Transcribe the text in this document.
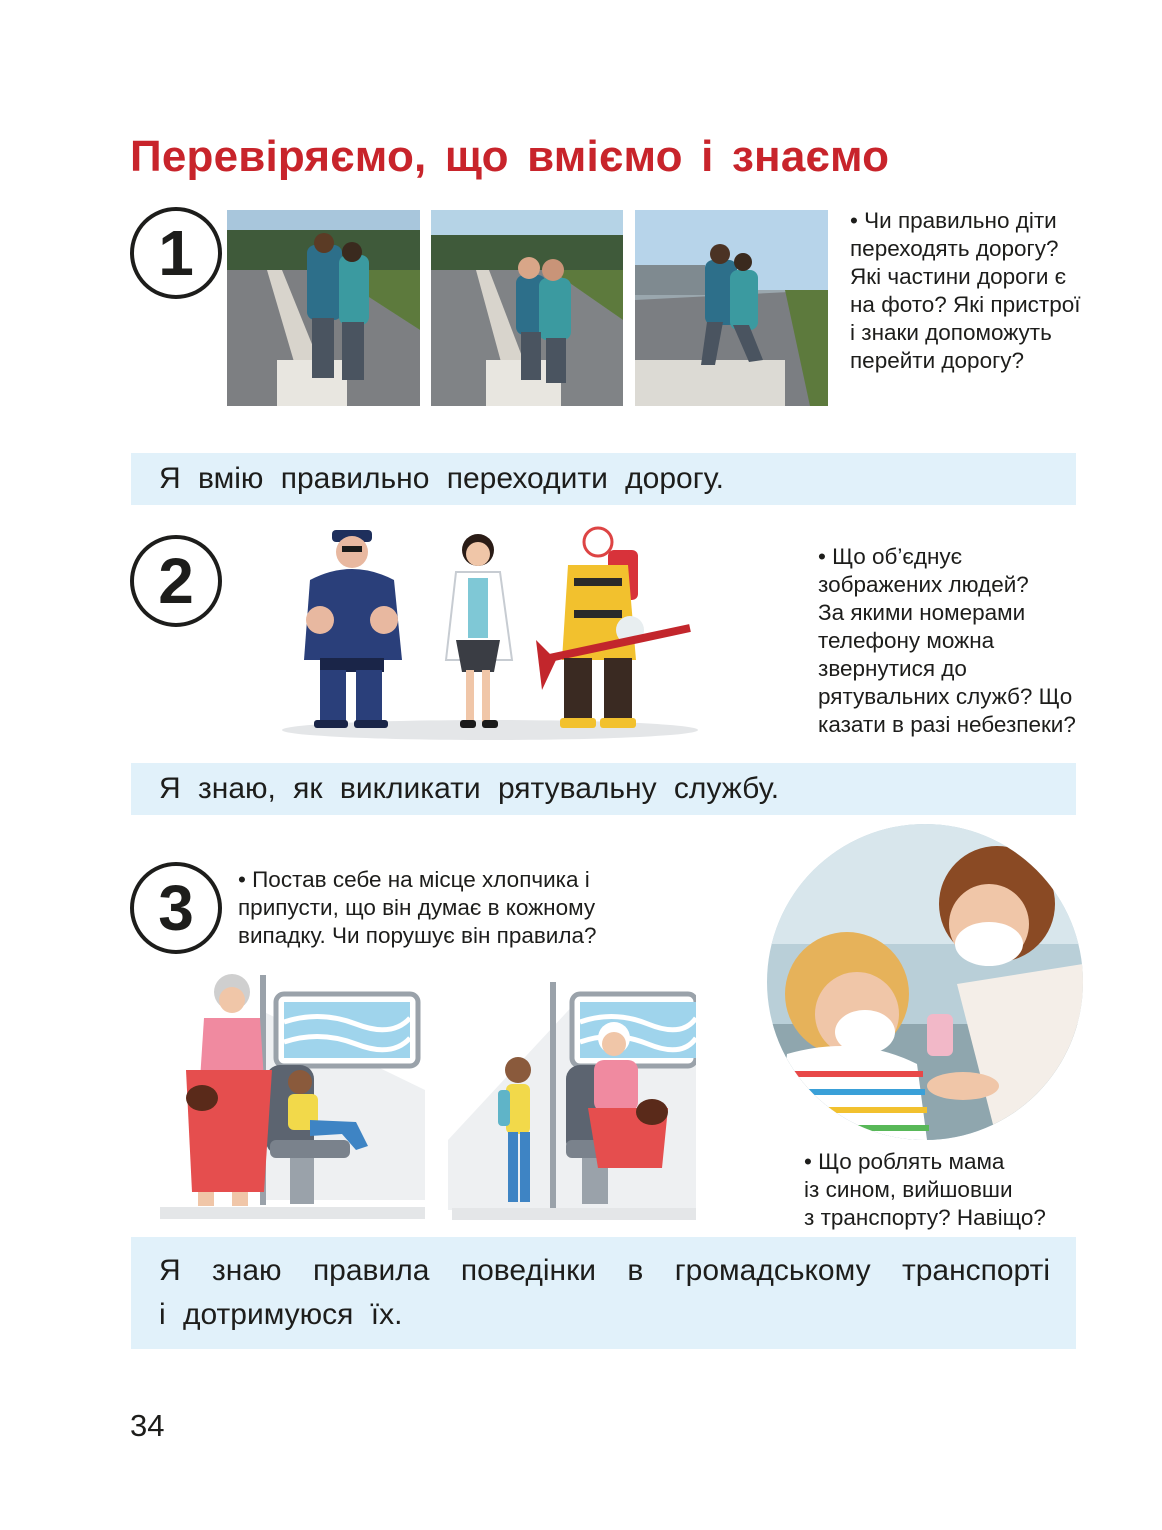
Перевіряємо, що вміємо і знаємо
1	• Чи правильно діти
переходять дорогу?
Які частини дороги є
на фото? Які пристрої
і знаки допоможуть
перейти дорогу?
Я вмію правильно переходити дорогу.
2	• Що об’єднує
зображених людей?
За якими номерами
телефону можна
звернутися до
рятувальних служб? Що
казати в разі небезпеки?
Я знаю, як викликати рятувальну службу.
3 • Постав себе на місце хлопчика і
припусти, що він думає в кожному
випадку. Чи порушує він правила?
• Що роблять мама
із сином, вийшовши
з транспорту? Навіщо?
Я знаю правила поведінки в громадському транспорті
і дотримуюся їх.
34
